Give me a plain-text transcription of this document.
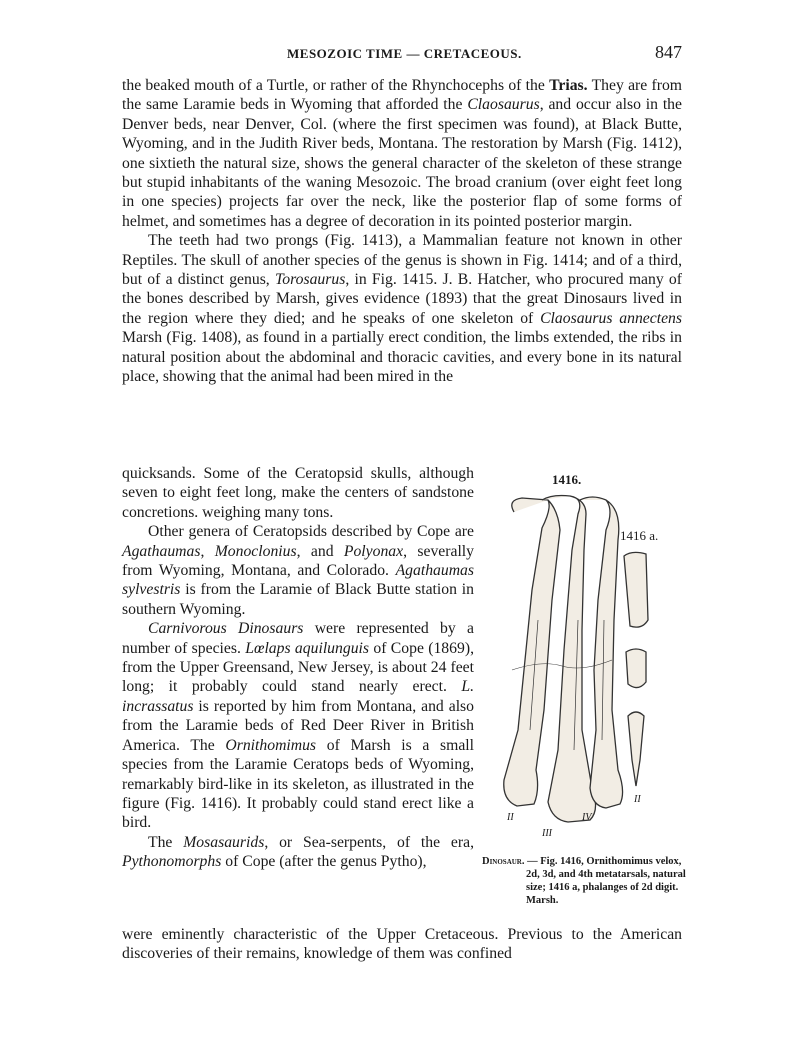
MESOZOIC TIME — CRETACEOUS.	847

the beaked mouth of a Turtle, or rather of the Rhynchocephs of the Trias. They are from the same Laramie beds in Wyoming that afforded the Claosaurus, and occur also in the Denver beds, near Denver, Col. (where the first specimen was found), at Black Butte, Wyoming, and in the Judith River beds, Montana. The restoration by Marsh (Fig. 1412), one sixtieth the natural size, shows the general character of the skeleton of these strange but stupid inhabitants of the waning Mesozoic. The broad cranium (over eight feet long in one species) projects far over the neck, like the posterior flap of some forms of helmet, and sometimes has a degree of decoration in its pointed posterior margin.

The teeth had two prongs (Fig. 1413), a Mammalian feature not known in other Reptiles. The skull of another species of the genus is shown in Fig. 1414; and of a third, but of a distinct genus, Torosaurus, in Fig. 1415. J. B. Hatcher, who procured many of the bones described by Marsh, gives evidence (1893) that the great Dinosaurs lived in the region where they died; and he speaks of one skeleton of Claosaurus annectens Marsh (Fig. 1408), as found in a partially erect condition, the limbs extended, the ribs in natural position about the abdominal and thoracic cavities, and every bone in its natural place, showing that the animal had been mired in the

quicksands. Some of the Ceratopsid skulls, although seven to eight feet long, make the centers of sandstone concretions. weighing many tons.

Other genera of Ceratopsids described by Cope are Agathaumas, Monoclonius, and Polyonax, severally from Wyoming, Montana, and Colorado. Agathaumas sylvestris is from the Laramie of Black Butte station in southern Wyoming.

Carnivorous Dinosaurs were represented by a number of species. Lœlaps aquilunguis of Cope (1869), from the Upper Greensand, New Jersey, is about 24 feet long; it probably could stand nearly erect. L. incrassatus is reported by him from Montana, and also from the Laramie beds of Red Deer River in British America. The Ornithomimus of Marsh is a small species from the Laramie Ceratops beds of Wyoming, remarkably bird-like in its skeleton, as illustrated in the figure (Fig. 1416). It probably could stand erect like a bird.

The Mosasaurids, or Sea-serpents, of the era, Pythonomorphs of Cope (after the genus Pytho),

were eminently characteristic of the Upper Cretaceous. Previous to the American discoveries of their remains, knowledge of them was confined

1416.
1416 a.
II
III
IV
II
Dinosaur. — Fig. 1416, Ornithomimus velox, 2d, 3d, and 4th metatarsals, natural size; 1416 a, phalanges of 2d digit. Marsh.
